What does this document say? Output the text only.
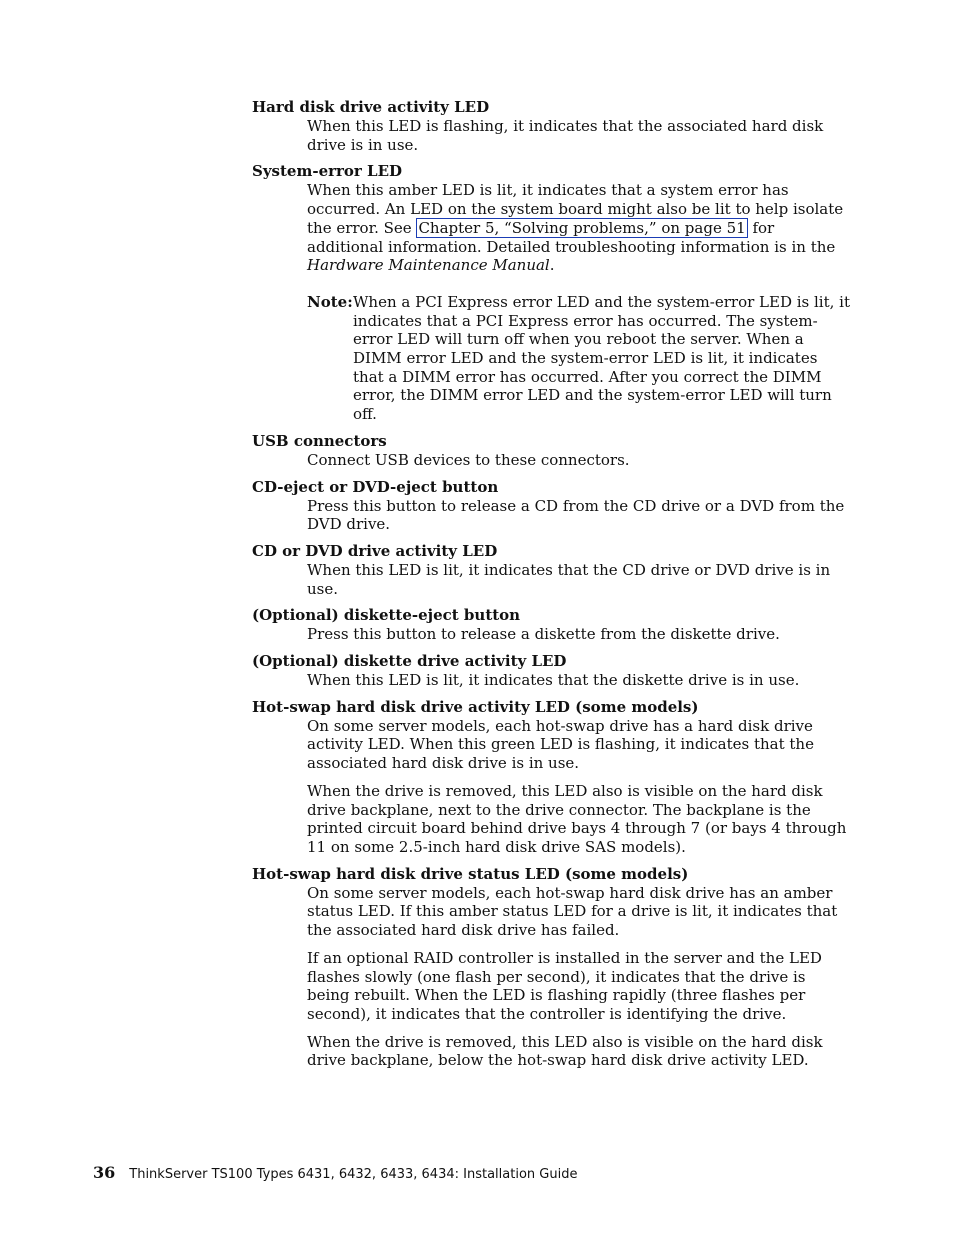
Hard disk drive activity LED

When this LED is flashing, it indicates that the associated hard disk drive is in use.

System-error LED

When this amber LED is lit, it indicates that a system error has occurred. An LED on the system board might also be lit to help isolate the error. See Chapter 5, “Solving problems,” on page 51 for additional information. Detailed troubleshooting information is in the Hardware Maintenance Manual.

Note: When a PCI Express error LED and the system-error LED is lit, it indicates that a PCI Express error has occurred. The system-error LED will turn off when you reboot the server. When a DIMM error LED and the system-error LED is lit, it indicates that a DIMM error has occurred. After you correct the DIMM error, the DIMM error LED and the system-error LED will turn off.
USB connectors

Connect USB devices to these connectors.

CD-eject or DVD-eject button

Press this button to release a CD from the CD drive or a DVD from the DVD drive.

CD or DVD drive activity LED

When this LED is lit, it indicates that the CD drive or DVD drive is in use.

(Optional) diskette-eject button

Press this button to release a diskette from the diskette drive.

(Optional) diskette drive activity LED

When this LED is lit, it indicates that the diskette drive is in use.

Hot-swap hard disk drive activity LED (some models)

On some server models, each hot-swap drive has a hard disk drive activity LED. When this green LED is flashing, it indicates that the associated hard disk drive is in use.

When the drive is removed, this LED also is visible on the hard disk drive backplane, next to the drive connector. The backplane is the printed circuit board behind drive bays 4 through 7 (or bays 4 through 11 on some 2.5-inch hard disk drive SAS models).

Hot-swap hard disk drive status LED (some models)

On some server models, each hot-swap hard disk drive has an amber status LED. If this amber status LED for a drive is lit, it indicates that the associated hard disk drive has failed.

If an optional RAID controller is installed in the server and the LED flashes slowly (one flash per second), it indicates that the drive is being rebuilt. When the LED is flashing rapidly (three flashes per second), it indicates that the controller is identifying the drive.

When the drive is removed, this LED also is visible on the hard disk drive backplane, below the hot-swap hard disk drive activity LED.

36 ThinkServer TS100 Types 6431, 6432, 6433, 6434: Installation Guide
